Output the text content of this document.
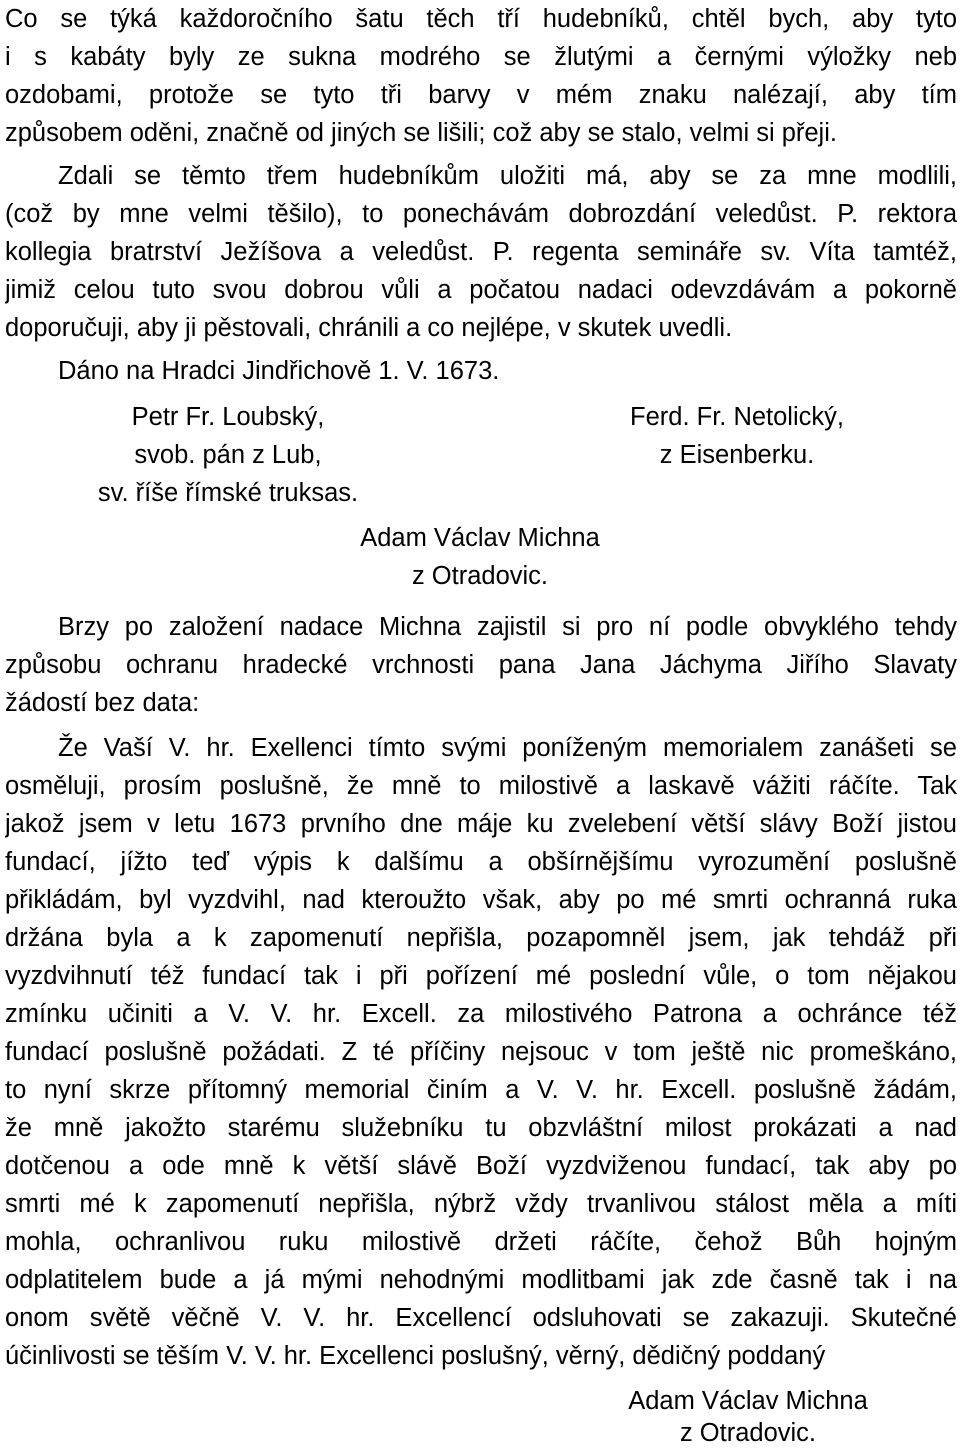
Co se týká každoročního šatu těch tří hudebníků, chtěl bych, aby tyto
i s kabáty byly ze sukna modrého se žlutými a černými výložky neb
ozdobami, protože se tyto tři barvy v mém znaku nalézají, aby tím
způsobem oděni, značně od jiných se lišili; což aby se stalo, velmi si přeji.
Zdali se těmto třem hudebníkům uložiti má, aby se za mne modlili,
(což by mne velmi těšilo), to ponechávám dobrozdání veledůst. P. rektora
kollegia bratrství Ježíšova a veledůst. P. regenta semináře sv. Víta tamtéž,
jimiž celou tuto svou dobrou vůli a počatou nadaci odevzdávám a pokorně
doporučuji, aby ji pěstovali, chránili a co nejlépe, v skutek uvedli.
Dáno na Hradci Jindřichově 1. V. 1673.
Petr Fr. Loubský,
svob. pán z Lub,
sv. říše římské truksas.
Ferd. Fr. Netolický,
z Eisenberku.
Adam Václav Michna
z Otradovic.
Brzy po založení nadace Michna zajistil si pro ní podle obvyklého tehdy
způsobu ochranu hradecké vrchnosti pana Jana Jáchyma Jiřího Slavaty
žádostí bez data:
Že Vaší V. hr. Exellenci tímto svými poníženým memorialem zanášeti se
osměluji, prosím poslušně, že mně to milostivě a laskavě vážiti ráčíte. Tak
jakož jsem v letu 1673 prvního dne máje ku zvelebení větší slávy Boží jistou
fundací, jížto teď výpis k dalšímu a obšírnějšímu vyrozumění poslušně
přikládám, byl vyzdvihl, nad kteroužto však, aby po mé smrti ochranná ruka
držána byla a k zapomenutí nepřišla, pozapomněl jsem, jak tehdáž při
vyzdvihnutí též fundací tak i při pořízení mé poslední vůle, o tom nějakou
zmínku učiniti a V. V. hr. Excell. za milostivého Patrona a ochránce též
fundací poslušně požádati. Z té příčiny nejsouc v tom ještě nic promeškáno,
to nyní skrze přítomný memorial činím a V. V. hr. Excell. poslušně žádám,
že mně jakožto starému služebníku tu obzvláštní milost prokázati a nad
dotčenou a ode mně k větší slávě Boží vyzdviženou fundací, tak aby po
smrti mé k zapomenutí nepřišla, nýbrž vždy trvanlivou stálost měla a míti
mohla, ochranlivou ruku milostivě držeti ráčíte, čehož Bůh hojným
odplatitelem bude a já mými nehodnými modlitbami jak zde časně tak i na
onom světě věčně V. V. hr. Excellencí odsluhovati se zakazuji. Skutečné
účinlivosti se těším V. V. hr. Excellenci poslušný, věrný, dědičný poddaný
Adam Václav Michna
z Otradovic.
